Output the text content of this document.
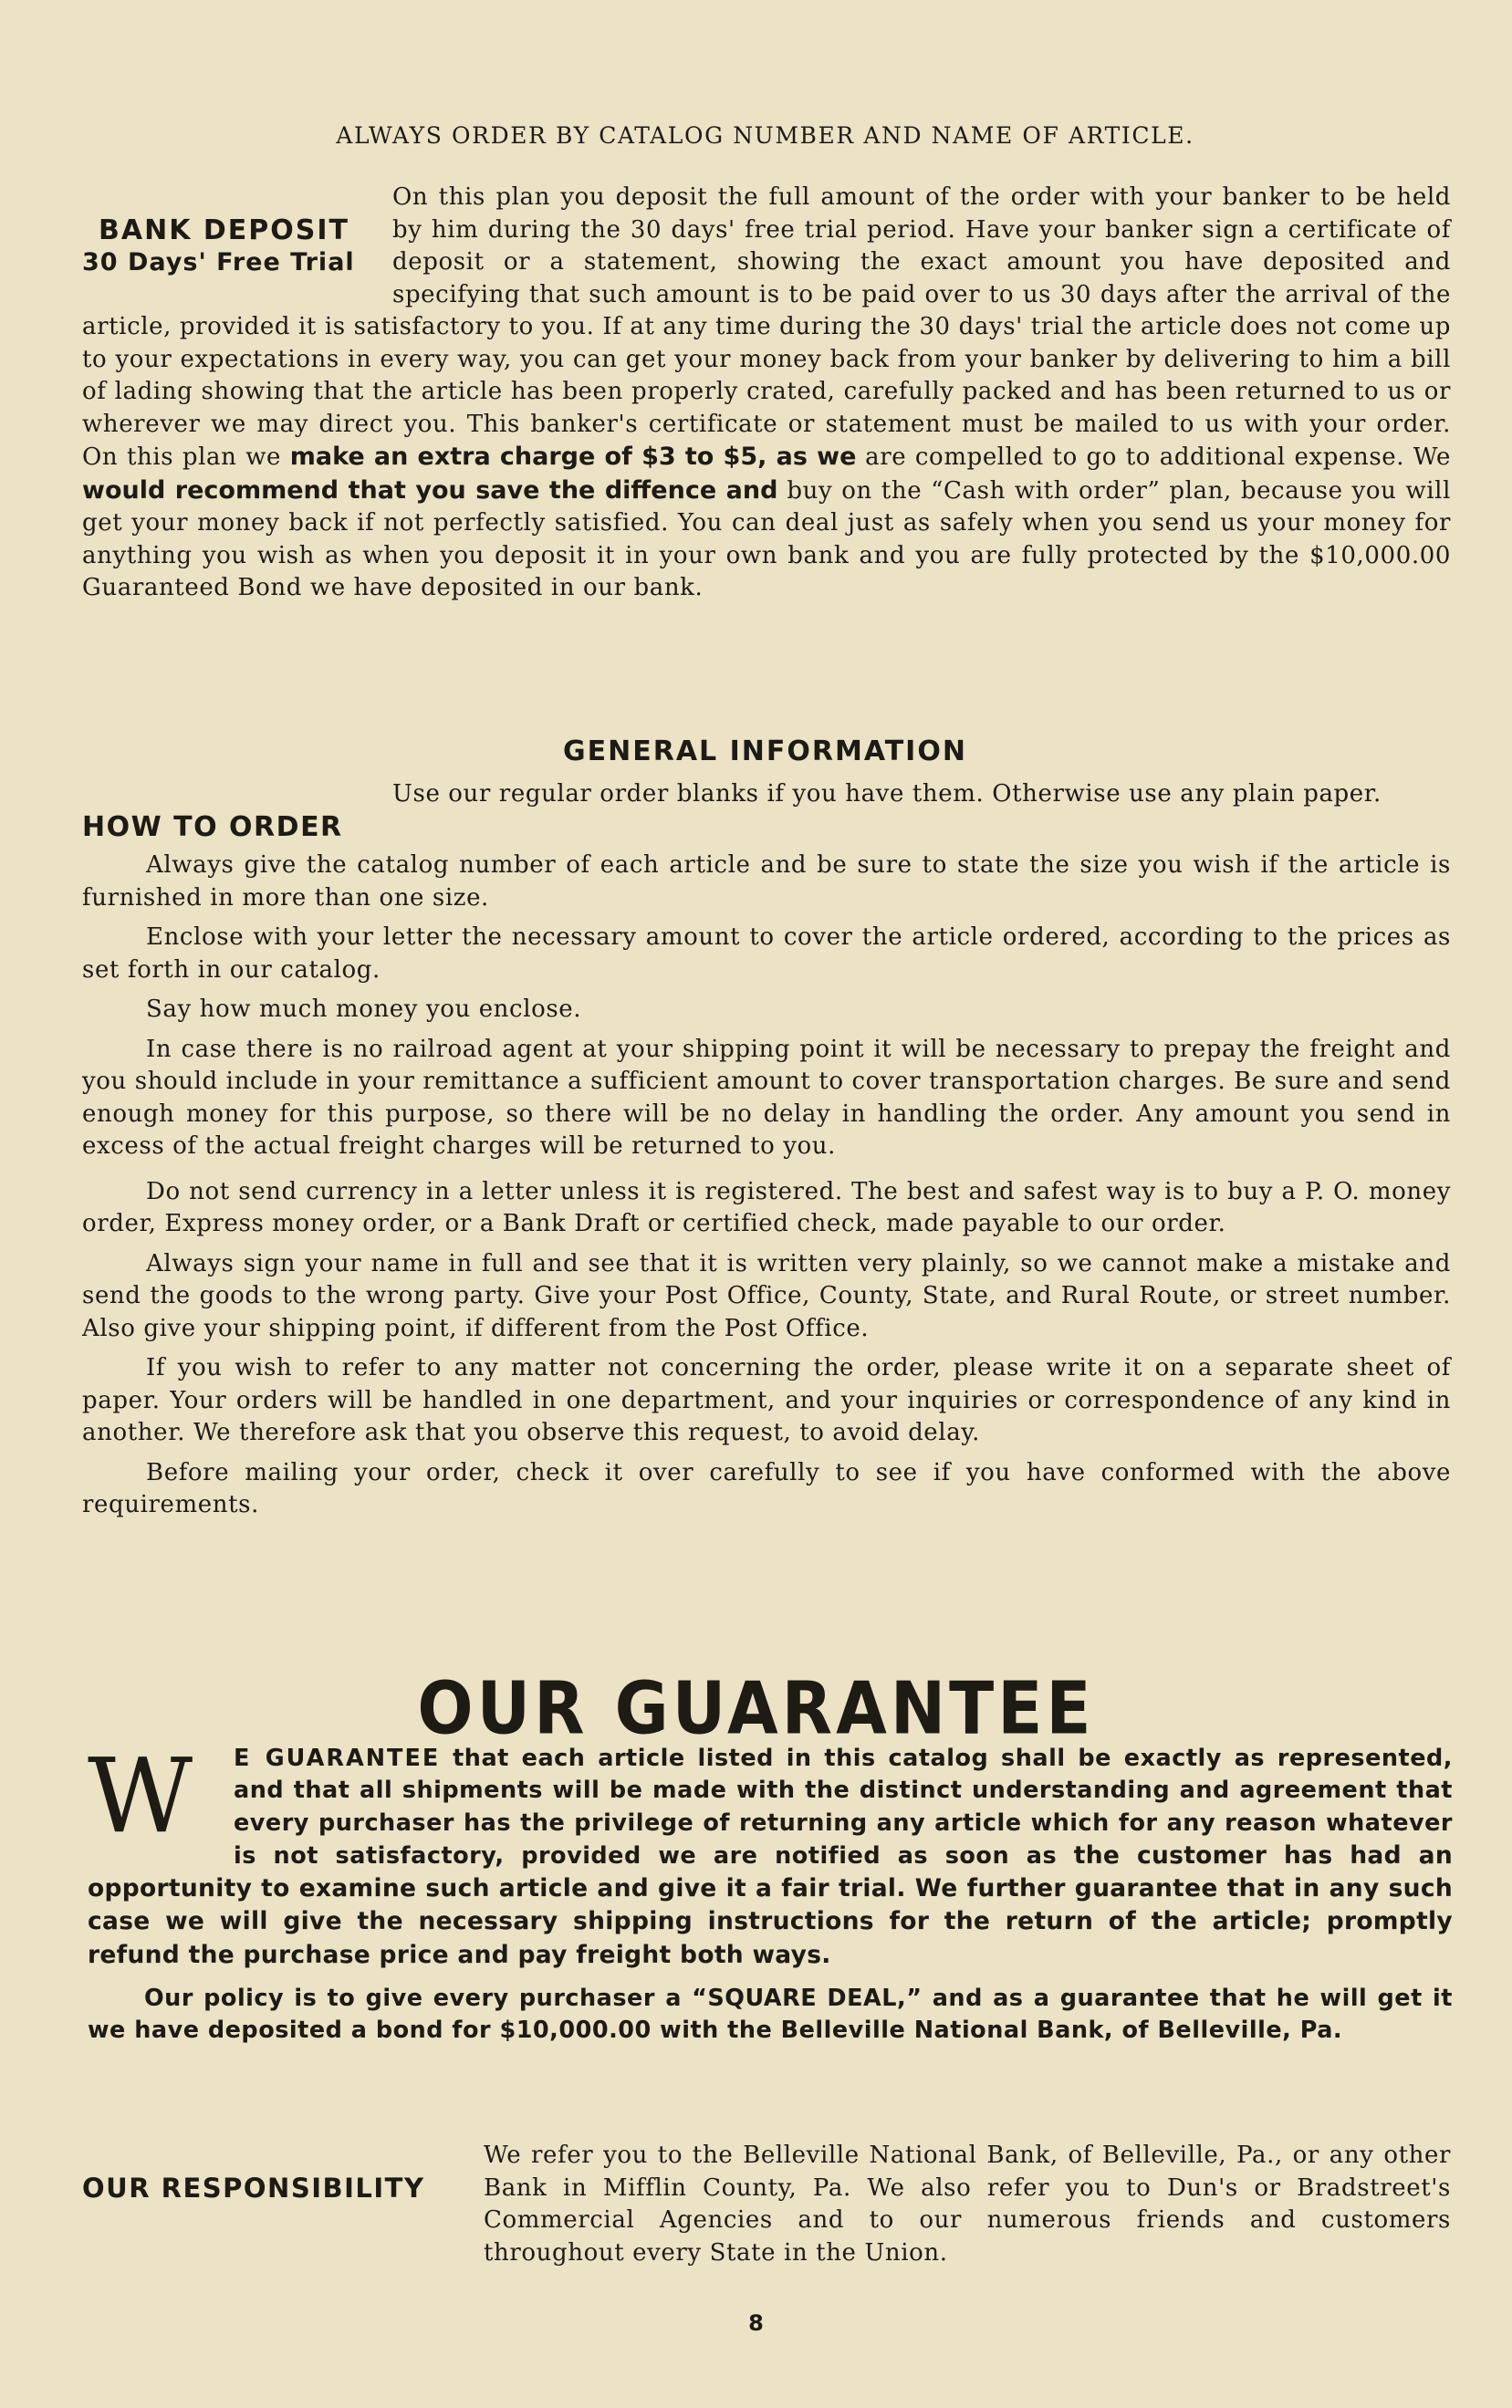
ALWAYS ORDER BY CATALOG NUMBER AND NAME OF ARTICLE.
BANK DEPOSIT
30 Days' Free Trial

On this plan you deposit the full amount of the order with your banker to be held by him during the 30 days' free trial period. Have your banker sign a certificate of deposit or a statement, showing the exact amount you have deposited and specifying that such amount is to be paid over to us 30 days after the arrival of the article, provided it is satisfactory to you. If at any time during the 30 days' trial the article does not come up to your expectations in every way, you can get your money back from your banker by delivering to him a bill of lading showing that the article has been properly crated, carefully packed and has been returned to us or wherever we may direct you. This banker's certificate or statement must be mailed to us with your order. On this plan we make an extra charge of $3 to $5, as we are compelled to go to additional expense. We would recommend that you save the diffence and buy on the “Cash with order” plan, because you will get your money back if not perfectly satisfied. You can deal just as safely when you send us your money for anything you wish as when you deposit it in your own bank and you are fully protected by the $10,000.00 Guaranteed Bond we have deposited in our bank.

GENERAL INFORMATION
HOW TO ORDER

Use our regular order blanks if you have them. Otherwise use any plain paper.

Always give the catalog number of each article and be sure to state the size you wish if the article is furnished in more than one size.

Enclose with your letter the necessary amount to cover the article ordered, according to the prices as set forth in our catalog.

Say how much money you enclose.

In case there is no railroad agent at your shipping point it will be necessary to prepay the freight and you should include in your remittance a sufficient amount to cover transportation charges. Be sure and send enough money for this purpose, so there will be no delay in handling the order. Any amount you send in excess of the actual freight charges will be returned to you.

Do not send currency in a letter unless it is registered. The best and safest way is to buy a P. O. money order, Express money order, or a Bank Draft or certified check, made payable to our order.

Always sign your name in full and see that it is written very plainly, so we cannot make a mistake and send the goods to the wrong party. Give your Post Office, County, State, and Rural Route, or street number. Also give your shipping point, if different from the Post Office.

If you wish to refer to any matter not concerning the order, please write it on a separate sheet of paper. Your orders will be handled in one department, and your inquiries or correspondence of any kind in another. We therefore ask that you observe this request, to avoid delay.

Before mailing your order, check it over carefully to see if you have conformed with the above requirements.

OUR GUARANTEE
W	E GUARANTEE that each article listed in this catalog shall be exactly as represented, and that all shipments will be made with the distinct understanding and agreement that every purchaser has the privilege of returning any article which for any reason whatever is not satisfactory, provided we are notified as soon as the customer has had an opportunity to examine such article and give it a fair trial. We further guarantee that in any such case we will give the necessary shipping instructions for the return of the article; promptly refund the purchase price and pay freight both ways.

Our policy is to give every purchaser a “SQUARE DEAL,” and as a guarantee that he will get it we have deposited a bond for $10,000.00 with the Belleville National Bank, of Belleville, Pa.

OUR RESPONSIBILITY

We refer you to the Belleville National Bank, of Belleville, Pa., or any other Bank in Mifflin County, Pa. We also refer you to Dun's or Bradstreet's Commercial Agencies and to our numerous friends and customers throughout every State in the Union.

8
